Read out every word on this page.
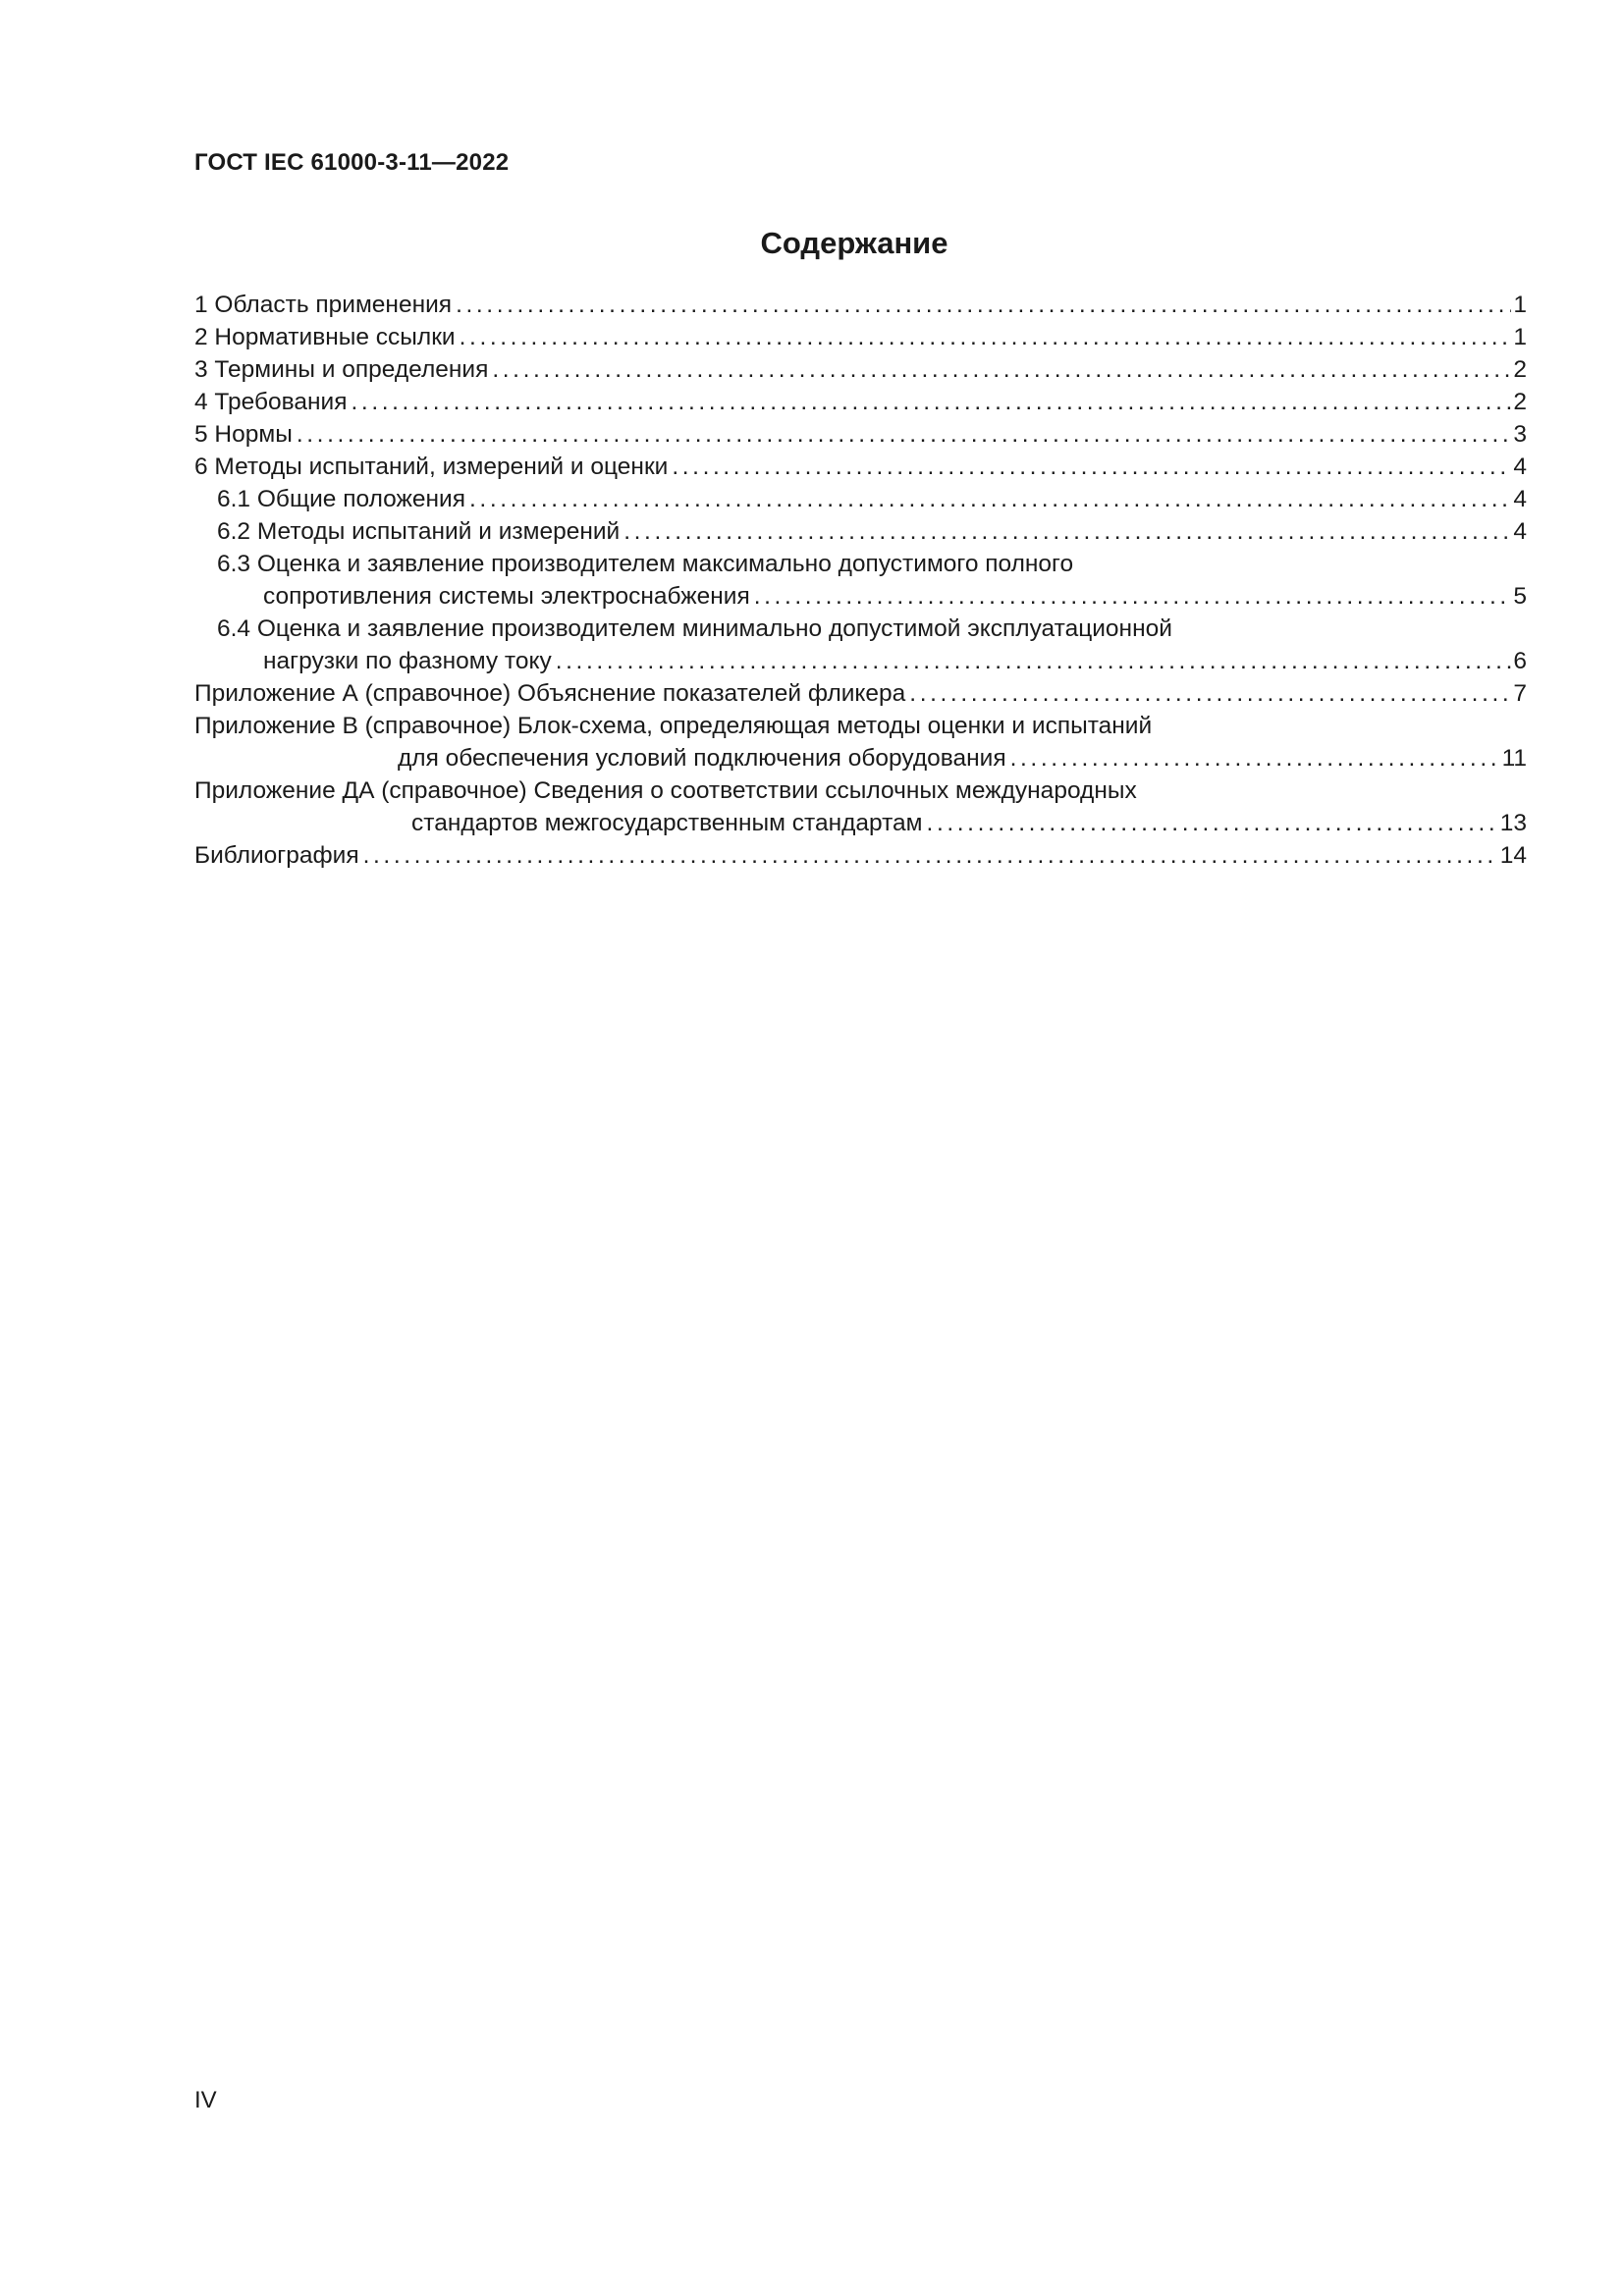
ГОСТ IEC 61000-3-11—2022
Содержание
1 Область применения .....	1
2 Нормативные ссылки .....	1
3 Термины и определения .....	2
4 Требования .....	2
5 Нормы .....	3
6 Методы испытаний, измерений и оценки .....	4
6.1 Общие положения .....	4
6.2 Методы испытаний и измерений .....	4
6.3 Оценка и заявление производителем максимально допустимого полного
сопротивления системы электроснабжения .....	5
6.4 Оценка и заявление производителем минимально допустимой эксплуатационной
нагрузки по фазному току .....	6
Приложение А (справочное) Объяснение показателей фликера .....	7
Приложение В (справочное) Блок-схема, определяющая методы оценки и испытаний
для обеспечения условий подключения оборудования .....	11
Приложение ДА (справочное) Сведения о соответствии ссылочных международных
стандартов межгосударственным стандартам .....	13
Библиография .....	14
IV
